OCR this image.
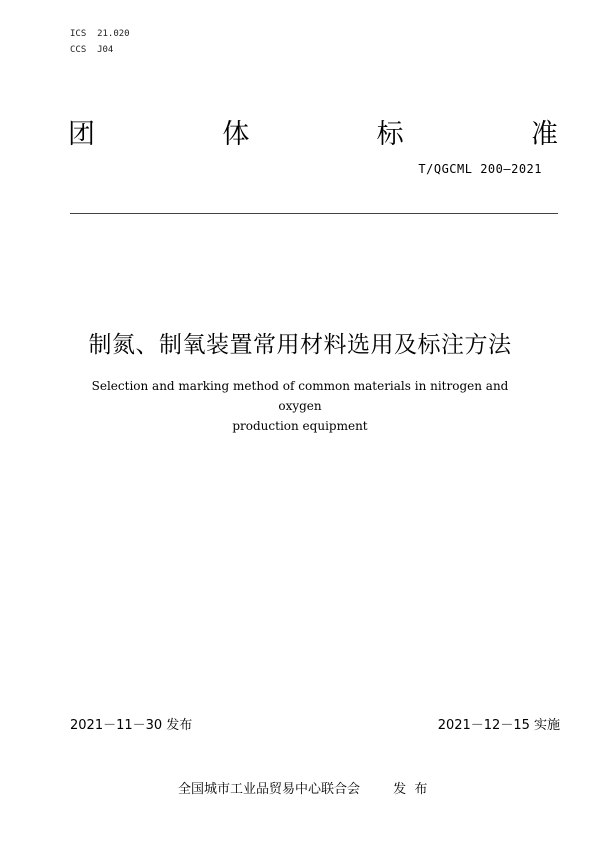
ICS  21.020
CCS  J04
团	体	标	准
T/QGCML 200—2021
制氮、制氧装置常用材料选用及标注方法
Selection and marking method of common materials in nitrogen and oxygen
production equipment
2021－11－30 发布	2021－12－15 实施
全国城市工业品贸易中心联合会	发  布
